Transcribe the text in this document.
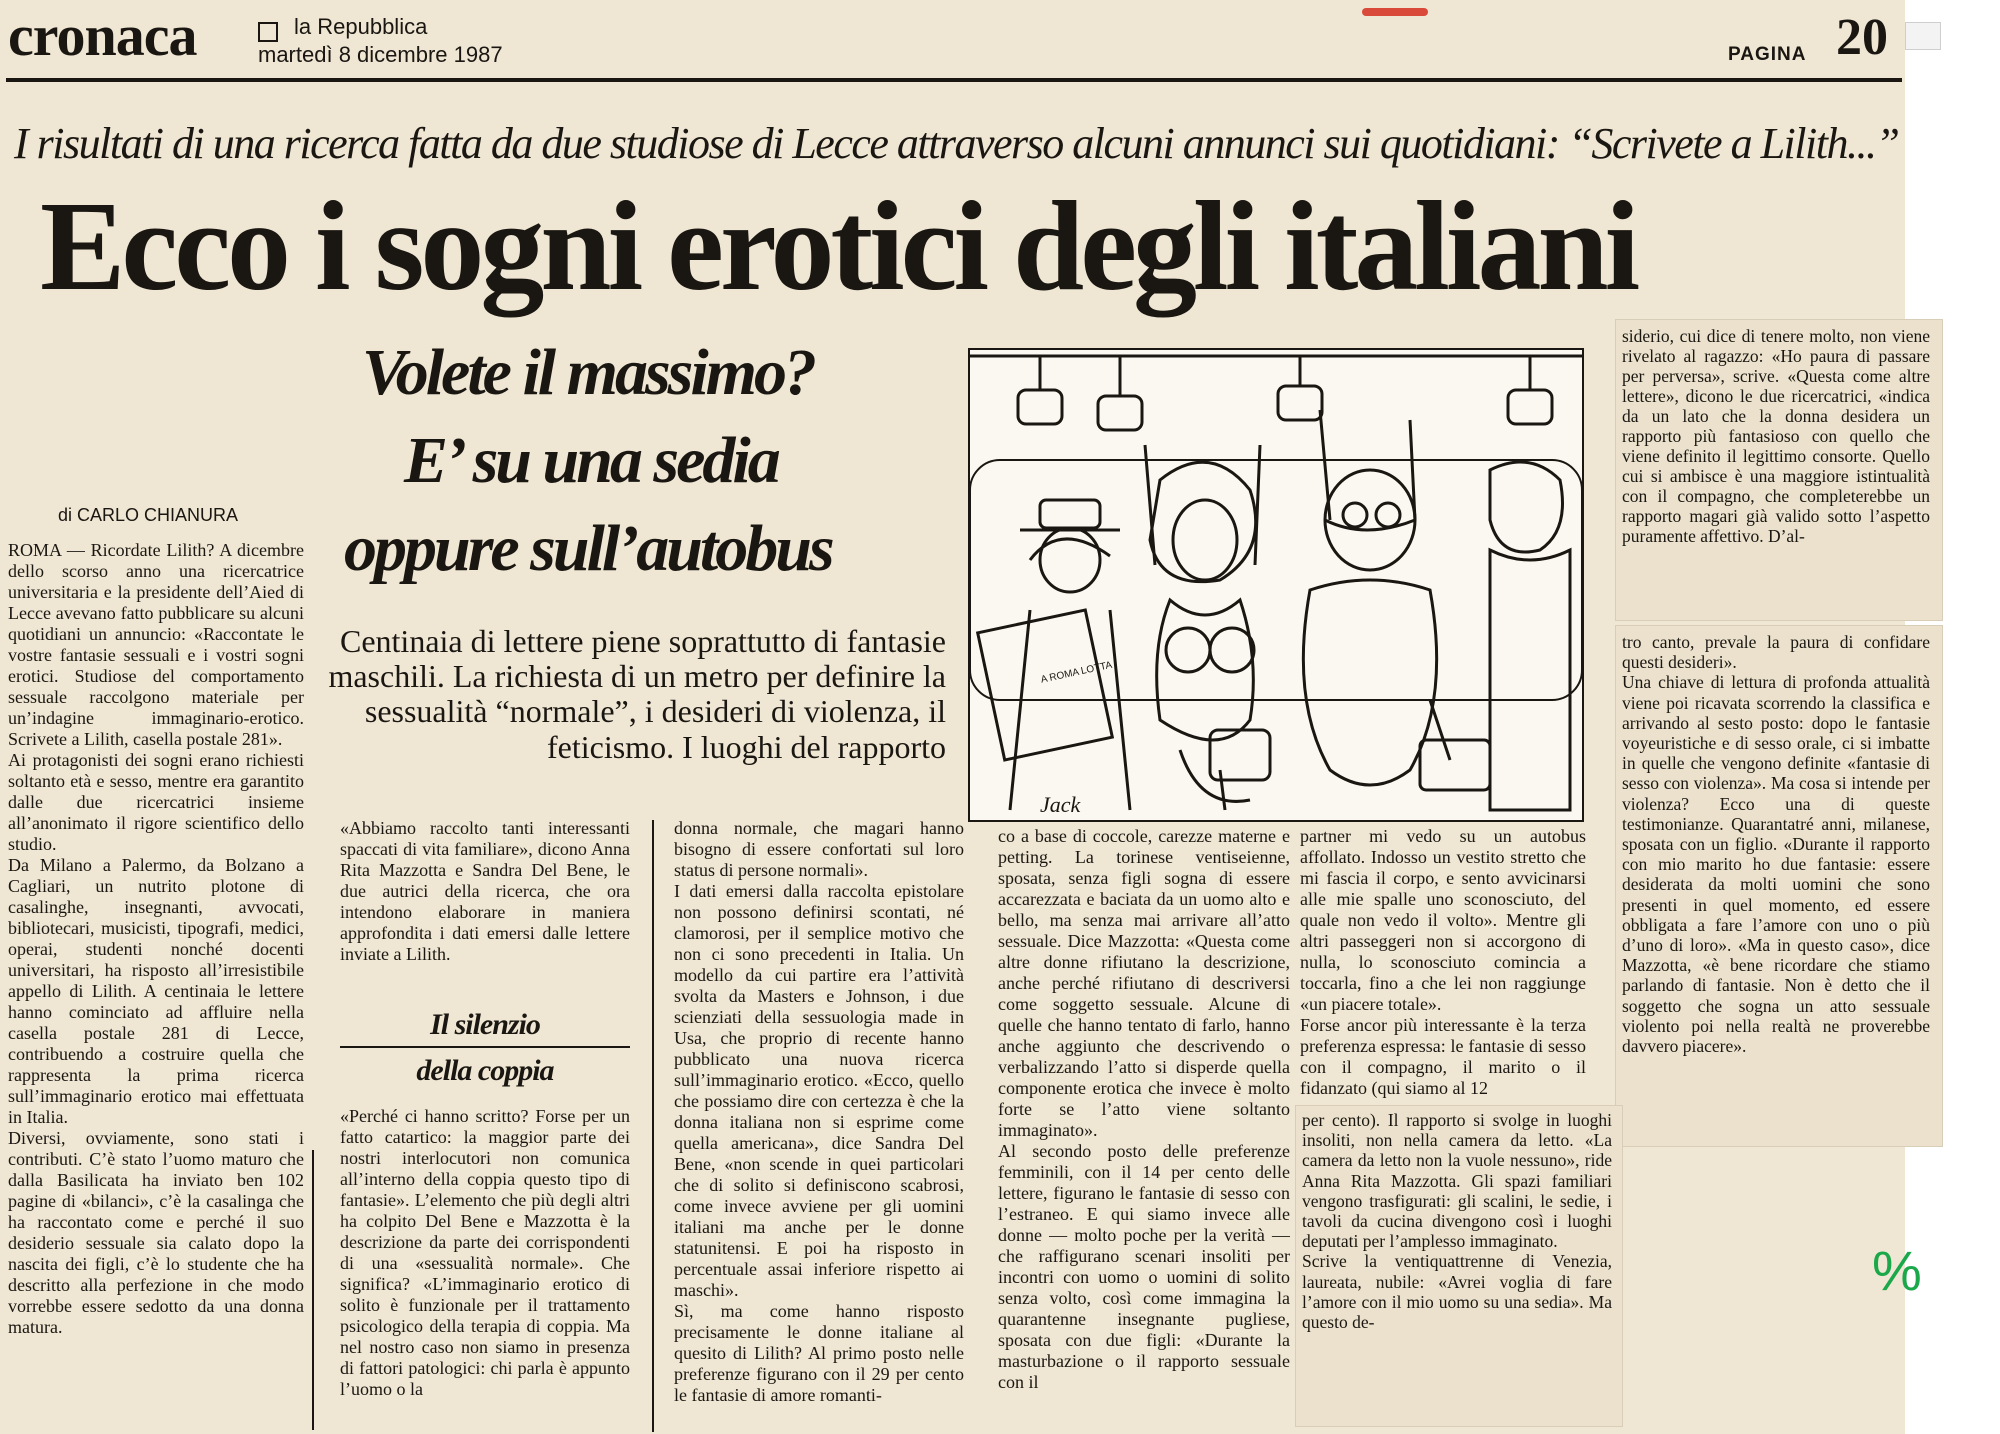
cronaca	la Repubblica
martedì 8 dicembre 1987	PAGINA 20
I risultati di una ricerca fatta da due studiose di Lecce attraverso alcuni annunci sui quotidiani: “Scrivete a Lilith...”
Ecco i sogni erotici degli italiani
Volete il massimo?
E’ su una sedia
oppure sull’autobus
Centinaia di lettere piene soprattutto di fantasie maschili. La richiesta di un metro per definire la sessualità “normale”, i desideri di violenza, il feticismo. I luoghi del rapporto
di CARLO CHIANURA
ROMA — Ricordate Lilith? A dicembre dello scorso anno una ricercatrice universitaria e la presidente dell’Aied di Lecce avevano fatto pubblicare su alcuni quotidiani un annuncio: «Raccontate le vostre fantasie sessuali e i vostri sogni erotici. Studiose del comportamento sessuale raccolgono materiale per un’indagine immaginario-erotico. Scrivete a Lilith, casella postale 281».
Ai protagonisti dei sogni erano richiesti soltanto età e sesso, mentre era garantito dalle due ricercatrici insieme all’anonimato il rigore scientifico dello studio.
Da Milano a Palermo, da Bolzano a Cagliari, un nutrito plotone di casalinghe, insegnanti, avvocati, bibliotecari, musicisti, tipografi, medici, operai, studenti nonché docenti universitari, ha risposto all’irresistibile appello di Lilith. A centinaia le lettere hanno cominciato ad affluire nella casella postale 281 di Lecce, contribuendo a costruire quella che rappresenta la prima ricerca sull’immaginario erotico mai effettuata in Italia.
Diversi, ovviamente, sono stati i contributi. C’è stato l’uomo maturo che dalla Basilicata ha inviato ben 102 pagine di «bilanci», c’è la casalinga che ha raccontato come e perché il suo desiderio sessuale sia calato dopo la nascita dei figli, c’è lo studente che ha descritto alla perfezione in che modo vorrebbe essere sedotto da una donna matura.
«Abbiamo raccolto tanti interessanti spaccati di vita familiare», dicono Anna Rita Mazzotta e Sandra Del Bene, le due autrici della ricerca, che ora intendono elaborare in maniera approfondita i dati emersi dalle lettere inviate a Lilith.
Il silenzio
della coppia
«Perché ci hanno scritto? Forse per un fatto catartico: la maggior parte dei nostri interlocutori non comunica all’interno della coppia questo tipo di fantasie». L’elemento che più degli altri ha colpito Del Bene e Mazzotta è la descrizione da parte dei corrispondenti di una «sessualità normale». Che significa? «L’immaginario erotico di solito è funzionale per il trattamento psicologico della terapia di coppia. Ma nel nostro caso non siamo in presenza di fattori patologici: chi parla è appunto l’uomo o la
donna normale, che magari hanno bisogno di essere confortati sul loro status di persone normali».
I dati emersi dalla raccolta epistolare non possono definirsi scontati, né clamorosi, per il semplice motivo che non ci sono precedenti in Italia. Un modello da cui partire era l’attività svolta da Masters e Johnson, i due scienziati della sessuologia made in Usa, che proprio di recente hanno pubblicato una nuova ricerca sull’immaginario erotico. «Ecco, quello che possiamo dire con certezza è che la donna italiana non si esprime come quella americana», dice Sandra Del Bene, «non scende in quei particolari che di solito si definiscono scabrosi, come invece avviene per gli uomini italiani ma anche per le donne statunitensi. E poi ha risposto in percentuale assai inferiore rispetto ai maschi».
Sì, ma come hanno risposto precisamente le donne italiane al quesito di Lilith? Al primo posto nelle preferenze figurano con il 29 per cento le fantasie di amore romanti-
co a base di coccole, carezze materne e petting. La torinese ventiseienne, sposata, senza figli sogna di essere accarezzata e baciata da un uomo alto e bello, ma senza mai arrivare all’atto sessuale. Dice Mazzotta: «Questa come altre donne rifiutano la descrizione, anche perché rifiutano di descriversi come soggetto sessuale. Alcune di quelle che hanno tentato di farlo, hanno anche aggiunto che descrivendo o verbalizzando l’atto si disperde quella componente erotica che invece è molto forte se l’atto viene soltanto immaginato».
Al secondo posto delle preferenze femminili, con il 14 per cento delle lettere, figurano le fantasie di sesso con l’estraneo. E qui siamo invece alle donne — molto poche per la verità — che raffigurano scenari insoliti per incontri con uomo o uomini di solito senza volto, così come immagina la quarantenne insegnante pugliese, sposata con due figli: «Durante la masturbazione o il rapporto sessuale con il
partner mi vedo su un autobus affollato. Indosso un vestito stretto che mi fascia il corpo, e sento avvicinarsi alle mie spalle uno sconosciuto, del quale non vedo il volto». Mentre gli altri passeggeri non si accorgono di nulla, lo sconosciuto comincia a toccarla, fino a che lei non raggiunge «un piacere totale».
Forse ancor più interessante è la terza preferenza espressa: le fantasie di sesso con il compagno, il marito o il fidanzato (qui siamo al 12
Jack
A ROMA LOTTA
siderio, cui dice di tenere molto, non viene rivelato al ragazzo: «Ho paura di passare per perversa», scrive. «Questa come altre lettere», dicono le due ricercatrici, «indica da un lato che la donna desidera un rapporto più fantasioso con quello che viene definito il legittimo consorte. Quello cui si ambisce è una maggiore istintualità con il compagno, che completerebbe un rapporto magari già valido sotto l’aspetto puramente affettivo. D’al-
tro canto, prevale la paura di confidare questi desideri».
Una chiave di lettura di profonda attualità viene poi ricavata scorrendo la classifica e arrivando al sesto posto: dopo le fantasie voyeuristiche e di sesso orale, ci si imbatte in quelle che vengono definite «fantasie di sesso con violenza». Ma cosa si intende per violenza? Ecco una di queste testimonianze. Quarantatré anni, milanese, sposata con un figlio. «Durante il rapporto con mio marito ho due fantasie: essere desiderata da molti uomini che sono presenti in quel momento, ed essere obbligata a fare l’amore con uno o più d’uno di loro». «Ma in questo caso», dice Mazzotta, «è bene ricordare che stiamo parlando di fantasie. Non è detto che il soggetto che sogna un atto sessuale violento poi nella realtà ne proverebbe davvero piacere».
per cento). Il rapporto si svolge in luoghi insoliti, non nella camera da letto. «La camera da letto non la vuole nessuno», ride Anna Rita Mazzotta. Gli spazi familiari vengono trasfigurati: gli scalini, le sedie, i tavoli da cucina divengono così i luoghi deputati per l’amplesso immaginato.
Scrive la ventiquattrenne di Venezia, laureata, nubile: «Avrei voglia di fare l’amore con il mio uomo su una sedia». Ma questo de-
%
